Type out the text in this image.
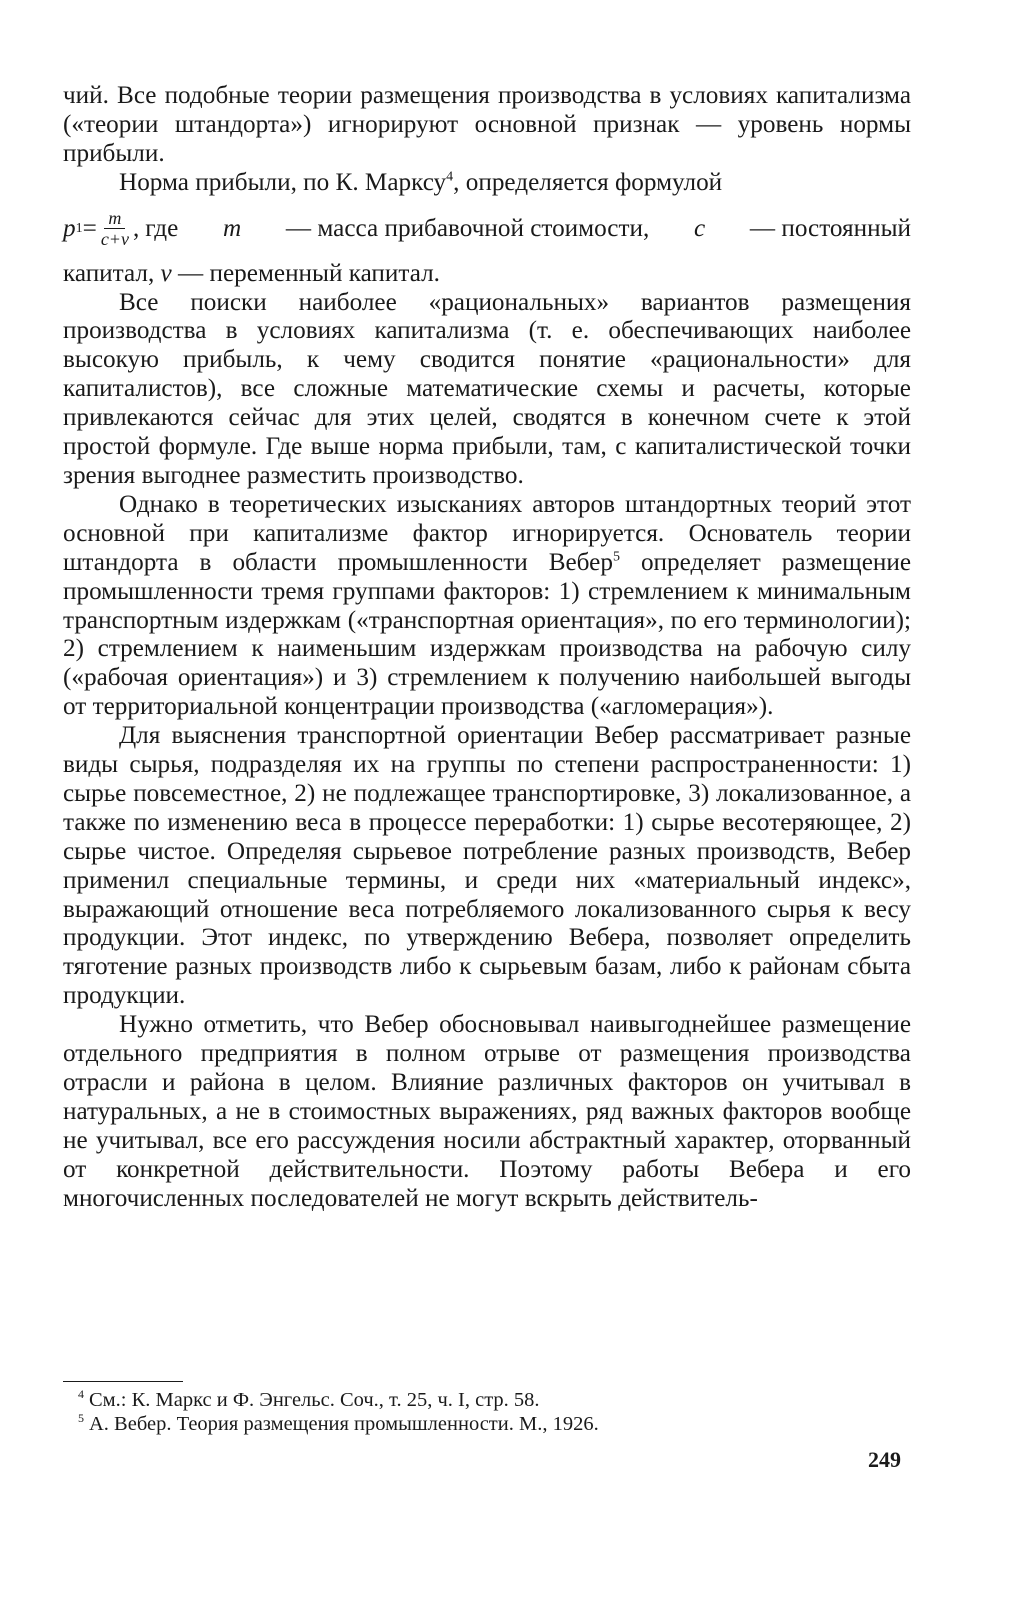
чий. Все подобные теории размещения производства в условиях капитализма («теории штандорта») игнорируют основной признак — уровень нормы прибыли.

Норма прибыли, по К. Марксу$^4$, определяется формулой

p $1 = \frac{m}{c+v}$ , где m — масса прибавочной стоимости, c — постоянный

капитал, v — переменный капитал.

Все поиски наиболее «рациональных» вариантов размещения производства в условиях капитализма (т. е. обеспечивающих наиболее высокую прибыль, к чему сводится понятие «рациональности» для капиталистов), все сложные математические схемы и расчеты, которые привлекаются сейчас для этих целей, сводятся в конечном счете к этой простой формуле. Где выше норма прибыли, там, с капиталистической точки зрения выгоднее разместить производство.

Однако в теоретических изысканиях авторов штандортных теорий этот основной при капитализме фактор игнорируется. Основатель теории штандорта в области промышленности Вебер$^5$ определяет размещение промышленности тремя группами факторов: 1) стремлением к минимальным транспортным издержкам («транспортная ориентация», по его терминологии); 2) стремлением к наименьшим издержкам производства на рабочую силу («рабочая ориентация») и 3) стремлением к получению наибольшей выгоды от территориальной концентрации производства («агломерация»).

Для выяснения транспортной ориентации Вебер рассматривает разные виды сырья, подразделяя их на группы по степени распространенности: 1) сырье повсеместное, 2) не подлежащее транспортировке, 3) локализованное, а также по изменению веса в процессе переработки: 1) сырье весотеряющее, 2) сырье чистое. Определяя сырьевое потребление разных производств, Вебер применил специальные термины, и среди них «материальный индекс», выражающий отношение веса потребляемого локализованного сырья к весу продукции. Этот индекс, по утверждению Вебера, позволяет определить тяготение разных производств либо к сырьевым базам, либо к районам сбыта продукции.

Нужно отметить, что Вебер обосновывал наивыгоднейшее размещение отдельного предприятия в полном отрыве от размещения производства отрасли и района в целом. Влияние различных факторов он учитывал в натуральных, а не в стоимостных выражениях, ряд важных факторов вообще не учитывал, все его рассуждения носили абстрактный характер, оторванный от конкретной действительности. Поэтому работы Вебера и его многочисленных последователей не могут вскрыть действитель-

$^4$ См.: К. Маркс и Ф. Энгельс. Соч., т. 25, ч. I, стр. 58.

$^5$ А. Вебер. Теория размещения промышленности. М., 1926.

249
